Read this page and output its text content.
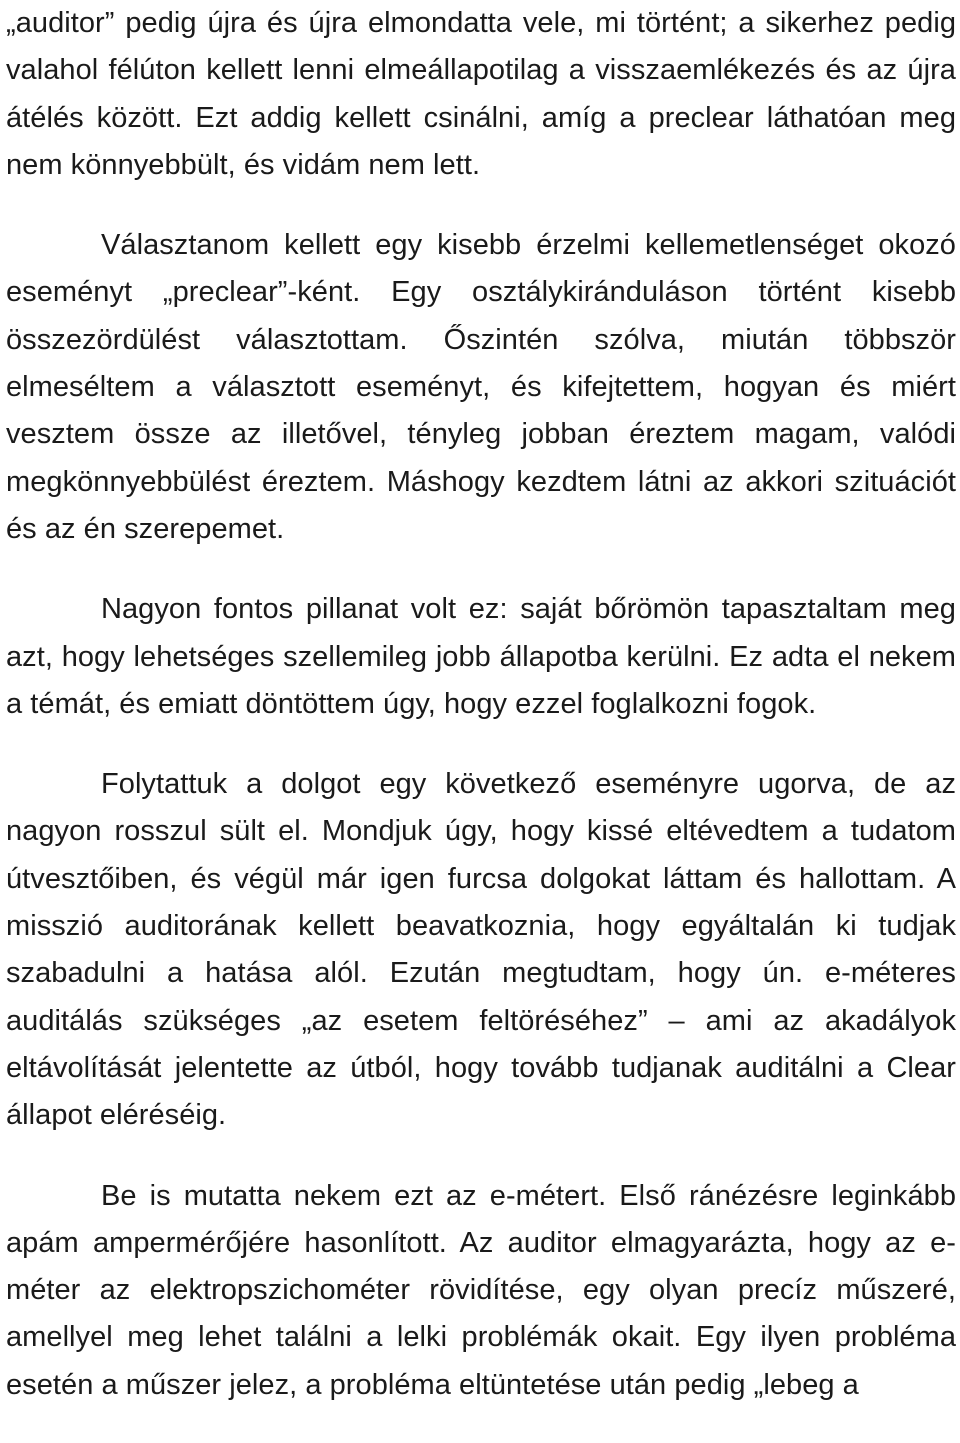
„auditor” pedig újra és újra elmondatta vele, mi történt; a sikerhez pedig valahol félúton kellett lenni elmeállapotilag a visszaemlékezés és az újra átélés között. Ezt addig kellett csinálni, amíg a preclear láthatóan meg nem könnyebbült, és vidám nem lett.

Választanom kellett egy kisebb érzelmi kellemetlenséget okozó eseményt „preclear”-ként. Egy osztálykiránduláson történt kisebb összezördülést választottam. Őszintén szólva, miután többször elmeséltem a választott eseményt, és kifejtettem, hogyan és miért vesztem össze az illetővel, tényleg jobban éreztem magam, valódi megkönnyebbülést éreztem. Máshogy kezdtem látni az akkori szituációt és az én szerepemet.

Nagyon fontos pillanat volt ez: saját bőrömön tapasztaltam meg azt, hogy lehetséges szellemileg jobb állapotba kerülni. Ez adta el nekem a témát, és emiatt döntöttem úgy, hogy ezzel foglalkozni fogok.

Folytattuk a dolgot egy következő eseményre ugorva, de az nagyon rosszul sült el. Mondjuk úgy, hogy kissé eltévedtem a tudatom útvesztőiben, és végül már igen furcsa dolgokat láttam és hallottam. A misszió auditorának kellett beavatkoznia, hogy egyáltalán ki tudjak szabadulni a hatása alól. Ezután megtudtam, hogy ún. e-méteres auditálás szükséges „az esetem feltöréséhez” – ami az akadályok eltávolítását jelentette az útból, hogy tovább tudjanak auditálni a Clear állapot eléréséig.

Be is mutatta nekem ezt az e-métert. Első ránézésre leginkább apám ampermérőjére hasonlított. Az auditor elmagyarázta, hogy az e-méter az elektropszichométer rövidítése, egy olyan precíz műszeré, amellyel meg lehet találni a lelki problémák okait. Egy ilyen probléma esetén a műszer jelez, a probléma eltüntetése után pedig „lebeg a
